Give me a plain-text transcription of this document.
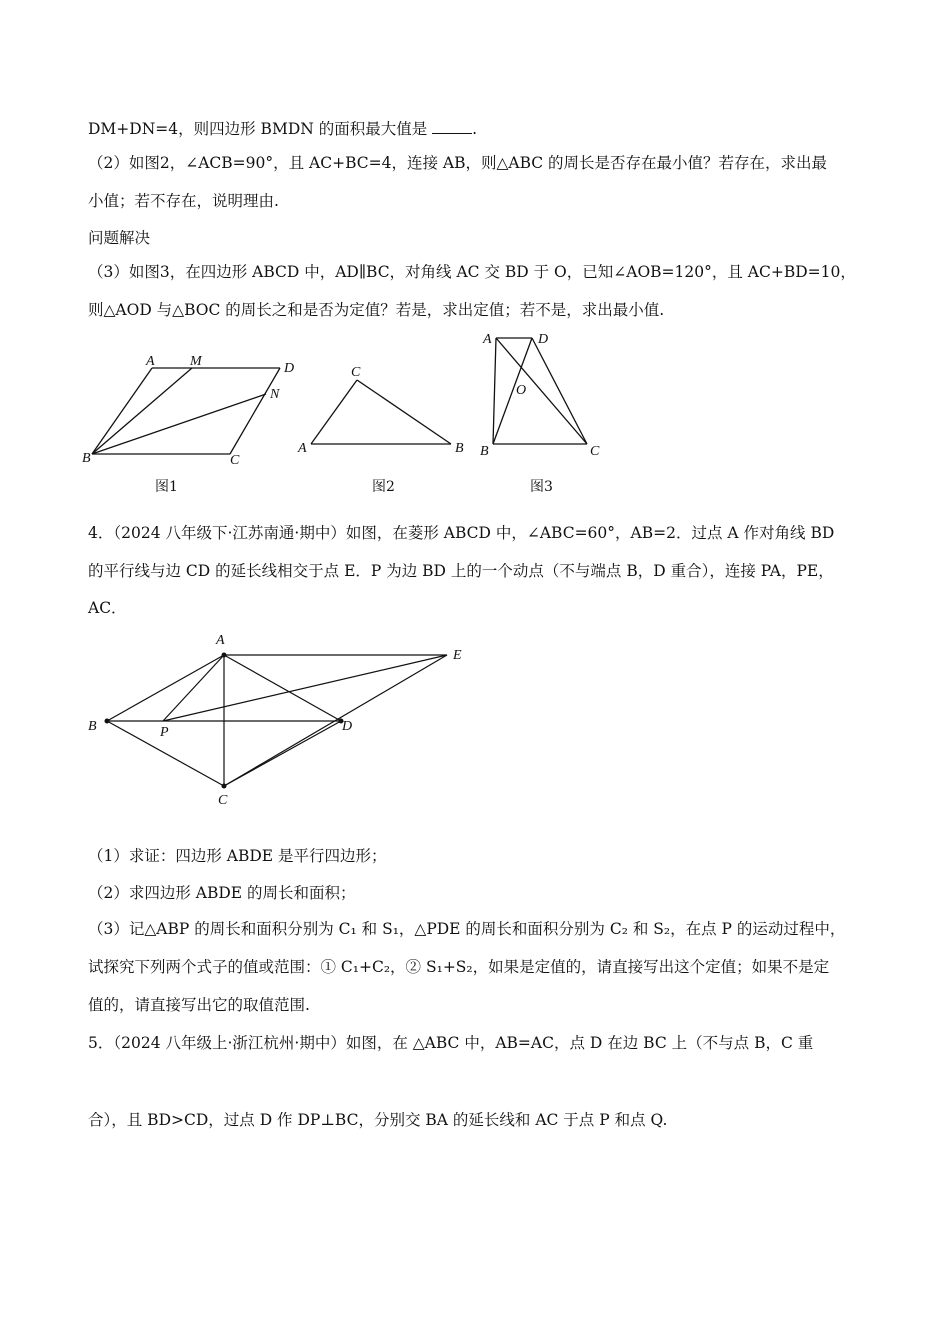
DM+DN=4，则四边形 BMDN 的面积最大值是	.
（2）如图2，∠ACB=90°，且 AC+BC=4，连接 AB，则△ABC 的周长是否存在最小值？若存在，求出最
小值；若不存在，说明理由.
问题解决
（3）如图3，在四边形 ABCD 中，AD∥BC，对角线 AC 交 BD 于 O，已知∠AOB=120°，且 AC+BD=10，
则△AOD 与△BOC 的周长之和是否为定值？若是，求出定值；若不是，求出最小值.
A	M	D
N
B	C
图1
C
A	B
图2
A	D
O
B	C
图3
4．（2024 八年级下·江苏南通·期中）如图，在菱形 ABCD 中，∠ABC=60°，AB=2．过点 A 作对角线 BD
的平行线与边 CD 的延长线相交于点 E．P 为边 BD 上的一个动点（不与端点 B，D 重合），连接 PA，PE，
AC．
A
E
B	P	D
C
（1）求证：四边形 ABDE 是平行四边形；
（2）求四边形 ABDE 的周长和面积；
（3）记△ABP 的周长和面积分别为 C₁ 和 S₁，△PDE 的周长和面积分别为 C₂ 和 S₂，在点 P 的运动过程中，
试探究下列两个式子的值或范围：① C₁+C₂，② S₁+S₂，如果是定值的，请直接写出这个定值；如果不是定
值的，请直接写出它的取值范围.
5．（2024 八年级上·浙江杭州·期中）如图，在 △ABC 中，AB=AC，点 D 在边 BC 上（不与点 B，C 重
合），且 BD>CD，过点 D 作 DP⊥BC，分别交 BA 的延长线和 AC 于点 P 和点 Q.
